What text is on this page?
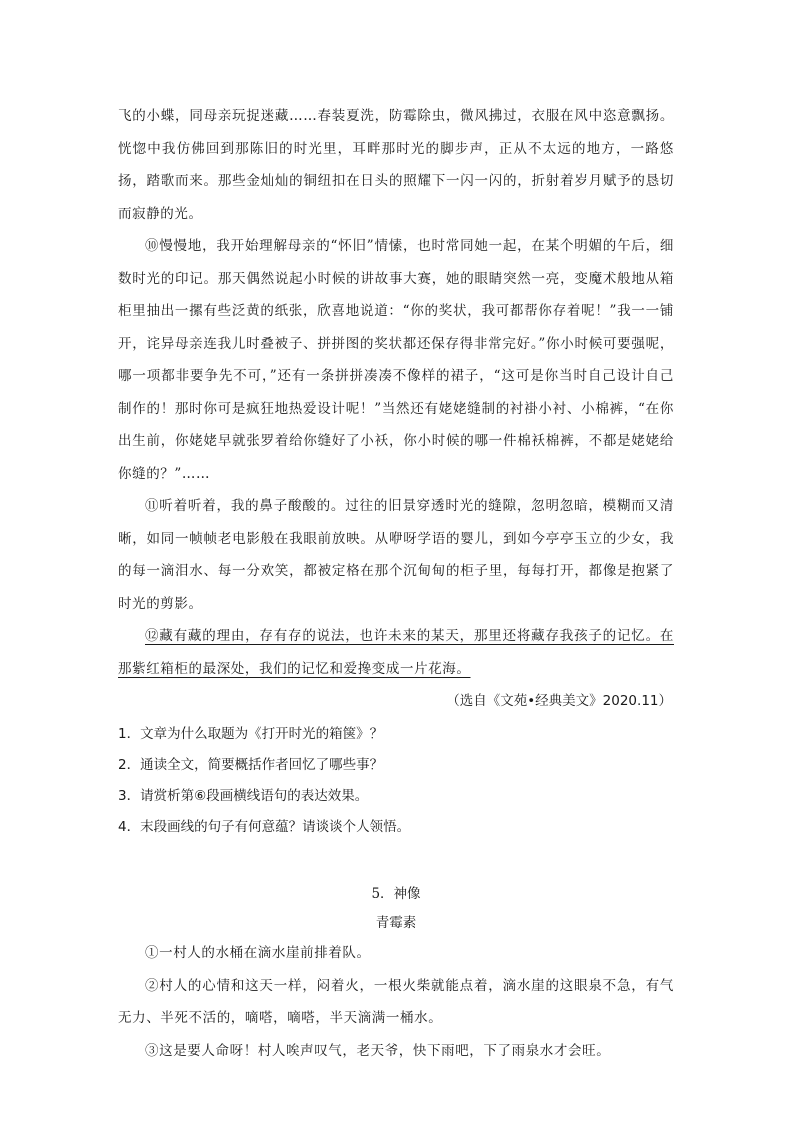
飞的小蝶，同母亲玩捉迷藏……春装夏洗，防霉除虫，微风拂过，衣服在风中恣意飘扬。恍惚中我仿佛回到那陈旧的时光里，耳畔那时光的脚步声，正从不太远的地方，一路悠扬，踏歌而来。那些金灿灿的铜纽扣在日头的照耀下一闪一闪的，折射着岁月赋予的恳切而寂静的光。

⑩慢慢地，我开始理解母亲的“怀旧”情愫，也时常同她一起，在某个明媚的午后，细数时光的印记。那天偶然说起小时候的讲故事大赛，她的眼睛突然一亮，变魔术般地从箱柜里抽出一摞有些泛黄的纸张，欣喜地说道：“你的奖状，我可都帮你存着呢！”我一一铺开，诧异母亲连我儿时叠被子、拼拼图的奖状都还保存得非常完好。”你小时候可要强呢，哪一项都非要争先不可，”还有一条拼拼凑凑不像样的裙子，“这可是你当时自己设计自己制作的！那时你可是疯狂地热爱设计呢！”当然还有姥姥缝制的衬褂小衬、小棉裤，“在你出生前，你姥姥早就张罗着给你缝好了小袄，你小时候的哪一件棉袄棉裤，不都是姥姥给你缝的？”……

⑪听着听着，我的鼻子酸酸的。过往的旧景穿透时光的缝隙，忽明忽暗，模糊而又清晰，如同一帧帧老电影般在我眼前放映。从咿呀学语的婴儿，到如今亭亭玉立的少女，我的每一滴泪水、每一分欢笑，都被定格在那个沉甸甸的柜子里，每每打开，都像是抱紧了时光的剪影。

⑫藏有藏的理由，存有存的说法，也许未来的某天，那里还将藏存我孩子的记忆。在那紫红箱柜的最深处，我们的记忆和爱搀变成一片花海。

（选自《文苑•经典美文》2020.11）

1．文章为什么取题为《打开时光的箱箧》？

2．通读全文，简要概括作者回忆了哪些事？

3．请赏析第⑥段画横线语句的表达效果。

4．末段画线的句子有何意蕴？请谈谈个人领悟。

5．神像

青霉素

①一村人的水桶在滴水崖前排着队。

②村人的心情和这天一样，闷着火，一根火柴就能点着，滴水崖的这眼泉不急，有气无力、半死不活的，嘀嗒，嘀嗒，半天滴满一桶水。

③这是要人命呀！村人唉声叹气，老天爷，快下雨吧，下了雨泉水才会旺。
